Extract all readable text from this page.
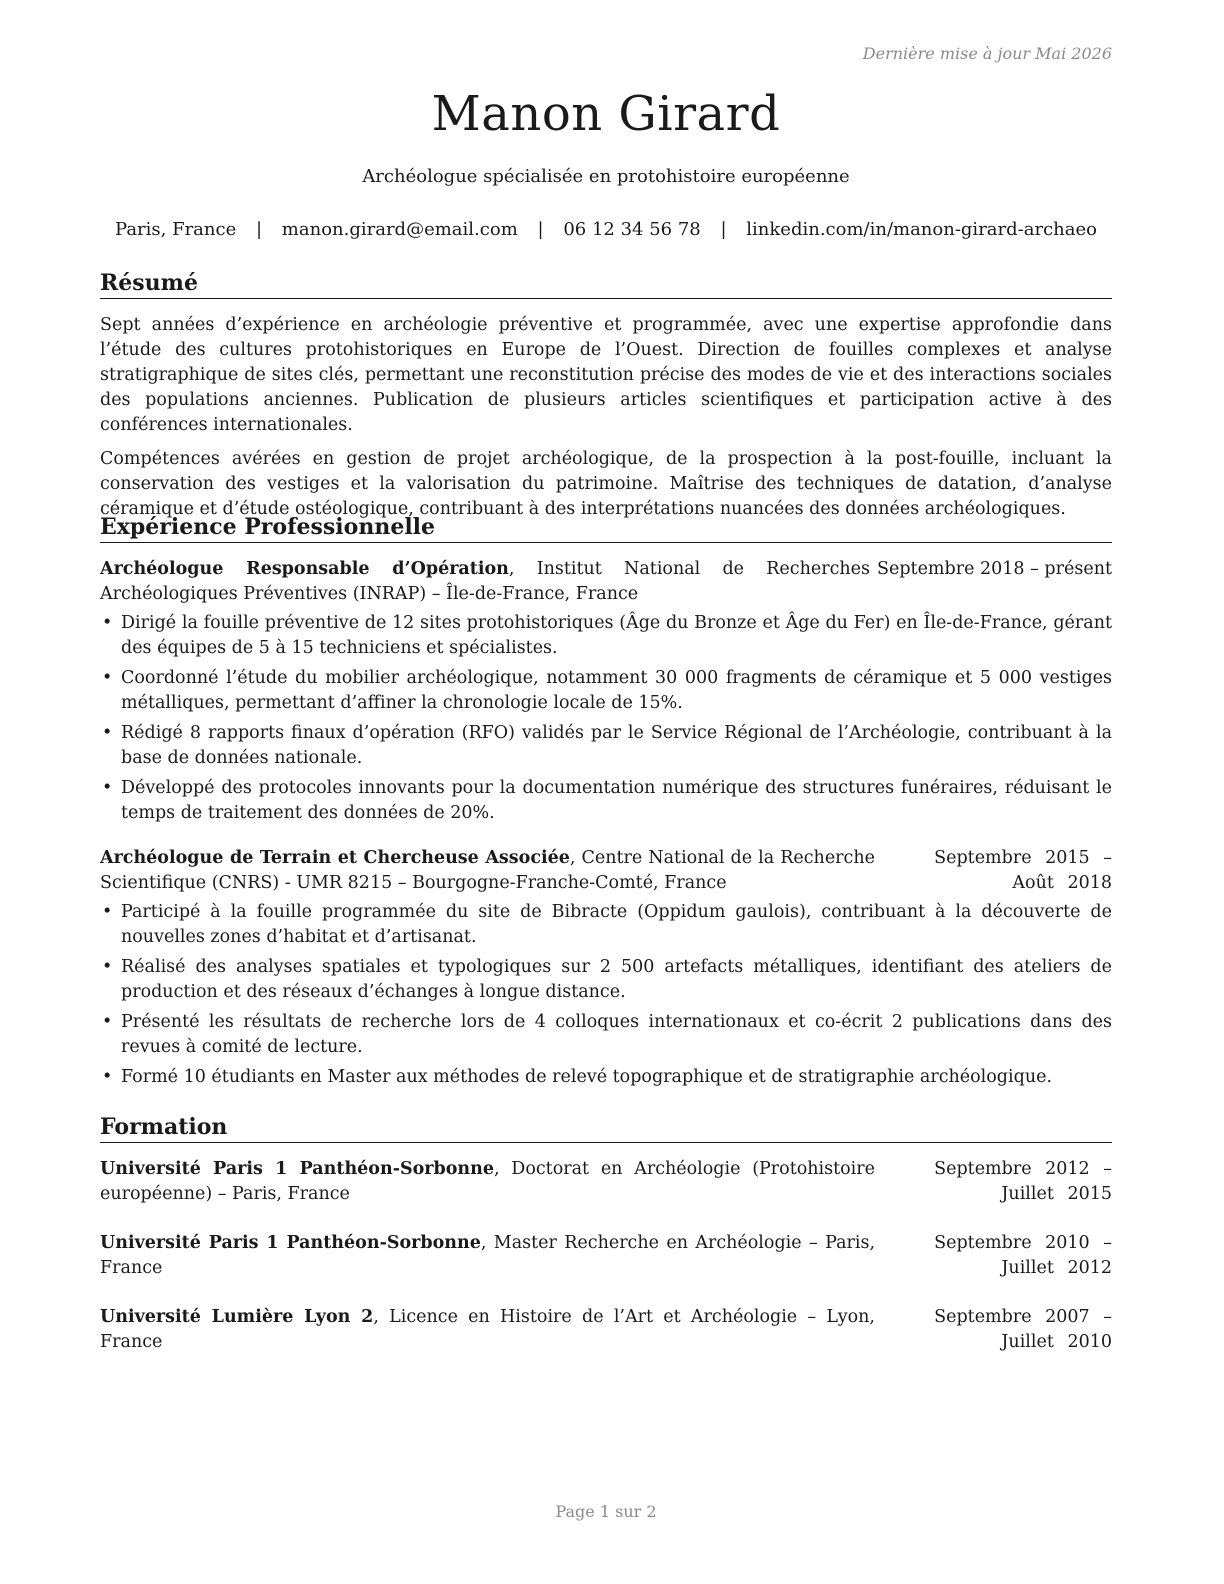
Dernière mise à jour Mai 2026
Manon Girard
Archéologue spécialisée en protohistoire européenne
Paris, France | manon.girard@email.com | 06 12 34 56 78 | linkedin.com/in/manon-girard-archaeo
Résumé

Sept années d’expérience en archéologie préventive et programmée, avec une expertise approfondie dans l’étude des cultures protohistoriques en Europe de l’Ouest. Direction de fouilles complexes et analyse stratigraphique de sites clés, permettant une reconstitution précise des modes de vie et des interactions sociales des populations anciennes. Publication de plusieurs articles scientifiques et participation active à des conférences internationales.

Compétences avérées en gestion de projet archéologique, de la prospection à la post-fouille, incluant la conservation des vestiges et la valorisation du patrimoine. Maîtrise des techniques de datation, d’analyse céramique et d’étude ostéologique, contribuant à des interprétations nuancées des données archéologiques.

Expérience Professionnelle
Archéologue Responsable d’Opération, Institut National de Recherches Archéologiques Préventives (INRAP) – Île-de-France, France
Septembre 2018 – présent
• Dirigé la fouille préventive de 12 sites protohistoriques (Âge du Bronze et Âge du Fer) en Île-de-France, gérant des équipes de 5 à 15 techniciens et spécialistes.
• Coordonné l’étude du mobilier archéologique, notamment 30 000 fragments de céramique et 5 000 vestiges métalliques, permettant d’affiner la chronologie locale de 15%.
• Rédigé 8 rapports finaux d’opération (RFO) validés par le Service Régional de l’Archéologie, contribuant à la base de données nationale.
• Développé des protocoles innovants pour la documentation numérique des structures funéraires, réduisant le temps de traitement des données de 20%.
Archéologue de Terrain et Chercheuse Associée, Centre National de la Recherche Scientifique (CNRS) - UMR 8215 – Bourgogne-Franche-Comté, France
Septembre 2015 – Août 2018
• Participé à la fouille programmée du site de Bibracte (Oppidum gaulois), contribuant à la découverte de nouvelles zones d’habitat et d’artisanat.
• Réalisé des analyses spatiales et typologiques sur 2 500 artefacts métalliques, identifiant des ateliers de production et des réseaux d’échanges à longue distance.
• Présenté les résultats de recherche lors de 4 colloques internationaux et co-écrit 2 publications dans des revues à comité de lecture.
• Formé 10 étudiants en Master aux méthodes de relevé topographique et de stratigraphie archéologique.
Formation
Université Paris 1 Panthéon-Sorbonne, Doctorat en Archéologie (Protohistoire européenne) – Paris, France
Septembre 2012 – Juillet 2015
Université Paris 1 Panthéon-Sorbonne, Master Recherche en Archéologie – Paris, France
Septembre 2010 – Juillet 2012
Université Lumière Lyon 2, Licence en Histoire de l’Art et Archéologie – Lyon, France
Septembre 2007 – Juillet 2010
Page 1 sur 2
